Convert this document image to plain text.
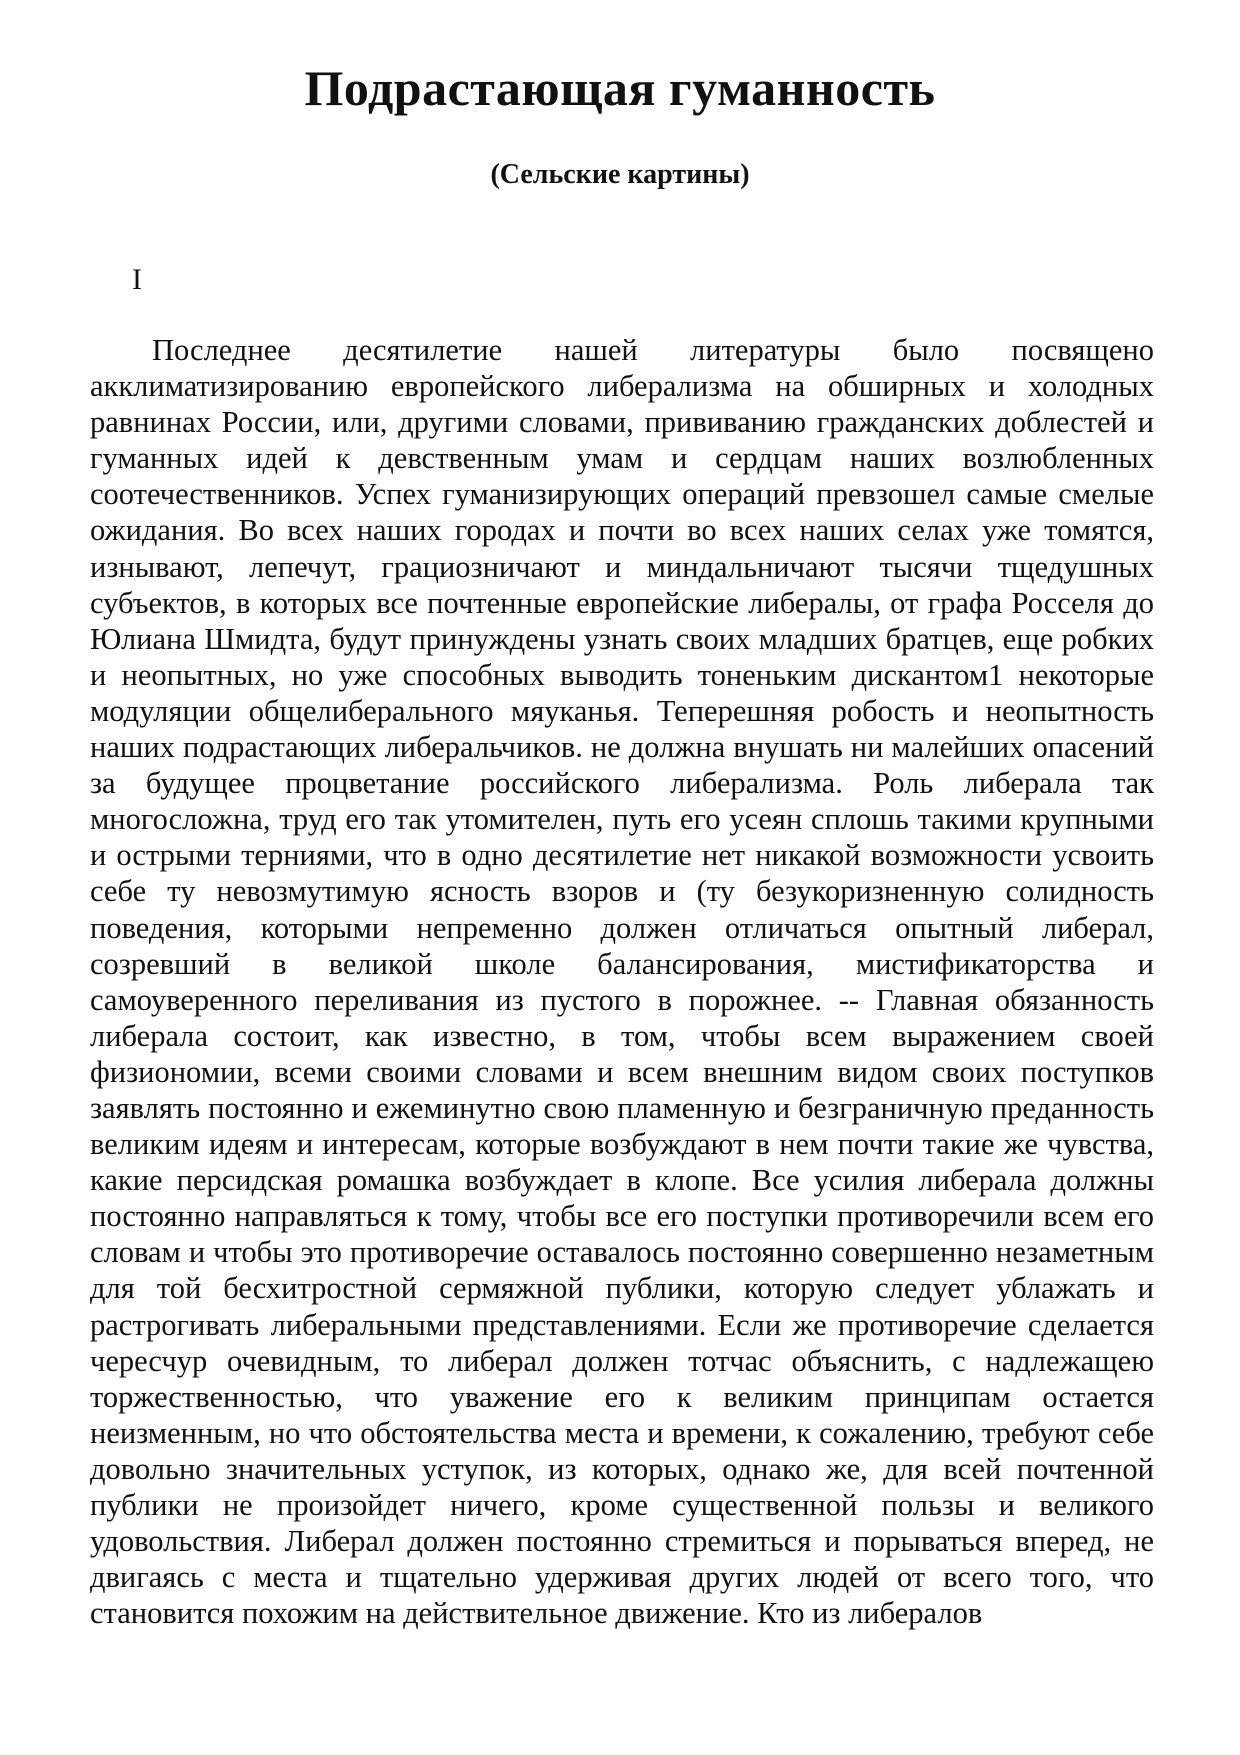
Подрастающая гуманность
(Сельские картины)
I

Последнее десятилетие нашей литературы было посвящено акклиматизированию европейского либерализма на обширных и холодных равнинах России, или, другими словами, прививанию гражданских доблестей и гуманных идей к девственным умам и сердцам наших возлюбленных соотечественников. Успех гуманизирующих операций превзошел самые смелые ожидания. Во всех наших городах и почти во всех наших селах уже томятся, изнывают, лепечут, грациозничают и миндальничают тысячи тщедушных субъектов, в которых все почтенные европейские либералы, от графа Росселя до Юлиана Шмидта, будут принуждены узнать своих младших братцев, еще робких и неопытных, но уже способных выводить тоненьким дискантом1 некоторые модуляции общелиберального мяуканья. Теперешняя робость и неопытность наших подрастающих либеральчиков. не должна внушать ни малейших опасений за будущее процветание российского либерализма. Роль либерала так многосложна, труд его так утомителен, путь его усеян сплошь такими крупными и острыми терниями, что в одно десятилетие нет никакой возможности усвоить себе ту невозмутимую ясность взоров и (ту безукоризненную солидность поведения, которыми непременно должен отличаться опытный либерал, созревший в великой школе балансирования, мистификаторства и самоуверенного переливания из пустого в порожнее. -- Главная обязанность либерала состоит, как известно, в том, чтобы всем выражением своей физиономии, всеми своими словами и всем внешним видом своих поступков заявлять постоянно и ежеминутно свою пламенную и безграничную преданность великим идеям и интересам, которые возбуждают в нем почти такие же чувства, какие персидская ромашка возбуждает в клопе. Все усилия либерала должны постоянно направляться к тому, чтобы все его поступки противоречили всем его словам и чтобы это противоречие оставалось постоянно совершенно незаметным для той бесхитростной сермяжной публики, которую следует ублажать и растрогивать либеральными представлениями. Если же противоречие сделается чересчур очевидным, то либерал должен тотчас объяснить, с надлежащею торжественностью, что уважение его к великим принципам остается неизменным, но что обстоятельства места и времени, к сожалению, требуют себе довольно значительных уступок, из которых, однако же, для всей почтенной публики не произойдет ничего, кроме существенной пользы и великого удовольствия. Либерал должен постоянно стремиться и порываться вперед, не двигаясь с места и тщательно удерживая других людей от всего того, что становится похожим на действительное движение. Кто из либералов
